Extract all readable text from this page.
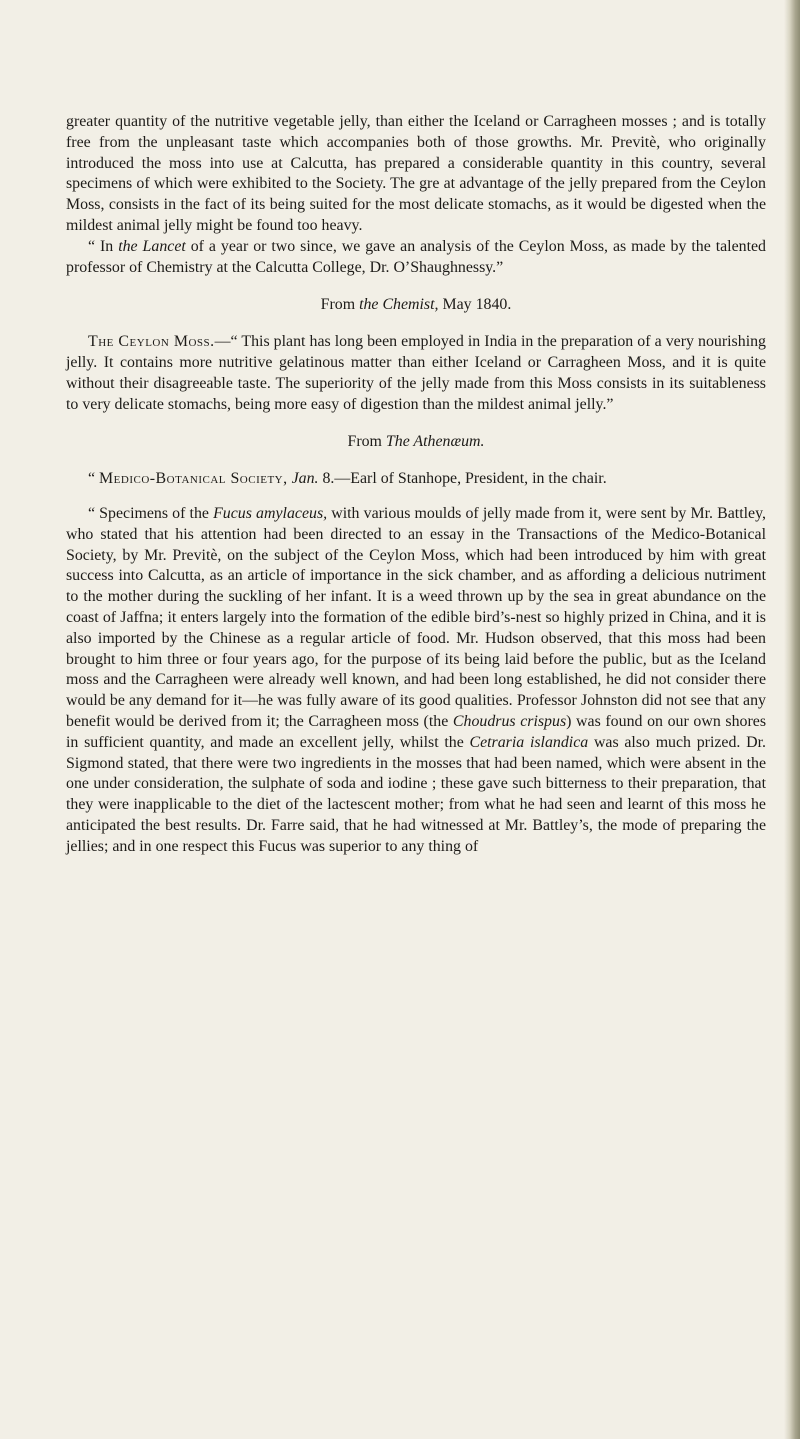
greater quantity of the nutritive vegetable jelly, than either the Iceland or Carragheen mosses ; and is totally free from the unpleasant taste which accompanies both of those growths. Mr. Previtè, who originally introduced the moss into use at Calcutta, has prepared a considerable quantity in this country, several specimens of which were exhibited to the Society. The gre at advantage of the jelly prepared from the Ceylon Moss, consists in the fact of its being suited for the most delicate stomachs, as it would be digested when the mildest animal jelly might be found too heavy.

“ In the Lancet of a year or two since, we gave an analysis of the Ceylon Moss, as made by the talented professor of Chemistry at the Calcutta College, Dr. O’Shaughnessy.”

From the Chemist, May 1840.

The Ceylon Moss.—“ This plant has long been employed in India in the preparation of a very nourishing jelly. It contains more nutritive gelatinous matter than either Iceland or Carragheen Moss, and it is quite without their disagreeable taste. The superiority of the jelly made from this Moss consists in its suitableness to very delicate stomachs, being more easy of digestion than the mildest animal jelly.”

From The Athenæum.

“ Medico-Botanical Society, Jan. 8.—Earl of Stanhope, President, in the chair.

“ Specimens of the Fucus amylaceus, with various moulds of jelly made from it, were sent by Mr. Battley, who stated that his attention had been directed to an essay in the Transactions of the Medico-Botanical Society, by Mr. Previtè, on the subject of the Ceylon Moss, which had been introduced by him with great success into Calcutta, as an article of importance in the sick chamber, and as affording a delicious nutriment to the mother during the suckling of her infant. It is a weed thrown up by the sea in great abundance on the coast of Jaffna; it enters largely into the formation of the edible bird’s-nest so highly prized in China, and it is also imported by the Chinese as a regular article of food. Mr. Hudson observed, that this moss had been brought to him three or four years ago, for the purpose of its being laid before the public, but as the Iceland moss and the Carragheen were already well known, and had been long established, he did not consider there would be any demand for it—he was fully aware of its good qualities. Professor Johnston did not see that any benefit would be derived from it; the Carragheen moss (the Choudrus crispus) was found on our own shores in sufficient quantity, and made an excellent jelly, whilst the Cetraria islandica was also much prized. Dr. Sigmond stated, that there were two ingredients in the mosses that had been named, which were absent in the one under consideration, the sulphate of soda and iodine ; these gave such bitterness to their preparation, that they were inapplicable to the diet of the lactescent mother; from what he had seen and learnt of this moss he anticipated the best results. Dr. Farre said, that he had witnessed at Mr. Battley’s, the mode of preparing the jellies; and in one respect this Fucus was superior to any thing of
